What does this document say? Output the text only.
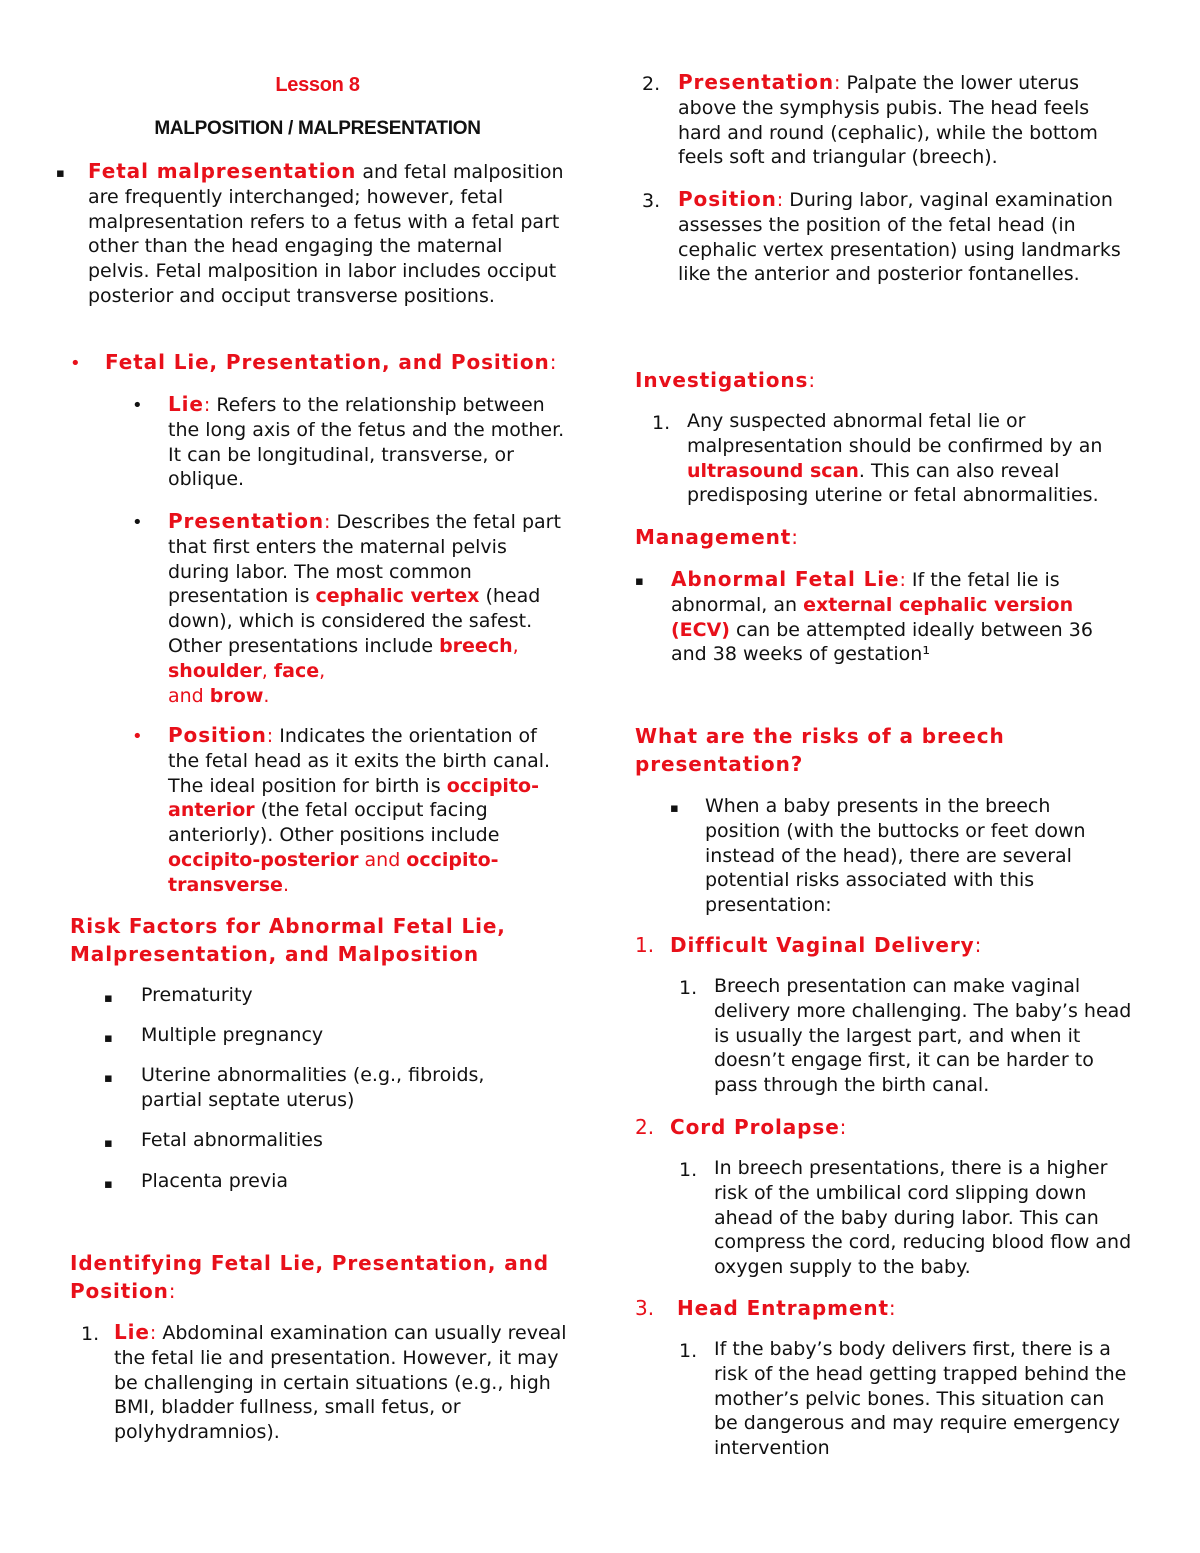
Lesson 8
MALPOSITION / MALPRESENTATION
▪ Fetal malpresentation and fetal malposition are frequently interchanged; however, fetal malpresentation refers to a fetus with a fetal part other than the head engaging the maternal pelvis. Fetal malposition in labor includes occiput posterior and occiput transverse positions.
• Fetal Lie, Presentation, and Position:
• Lie: Refers to the relationship between the long axis of the fetus and the mother. It can be longitudinal, transverse, or oblique.
• Presentation: Describes the fetal part that first enters the maternal pelvis during labor. The most common presentation is cephalic vertex (head down), which is considered the safest. Other presentations include breech, shoulder, face,
and brow.
• Position: Indicates the orientation of the fetal head as it exits the birth canal. The ideal position for birth is occipito-anterior (the fetal occiput facing anteriorly). Other positions include occipito-posterior and occipito-transverse.
Risk Factors for Abnormal Fetal Lie, Malpresentation, and Malposition
▪ Prematurity
▪ Multiple pregnancy
▪ Uterine abnormalities (e.g., fibroids, partial septate uterus)
▪ Fetal abnormalities
▪ Placenta previa
Identifying Fetal Lie, Presentation, and Position:
1. Lie: Abdominal examination can usually reveal the fetal lie and presentation. However, it may be challenging in certain situations (e.g., high BMI, bladder fullness, small fetus, or polyhydramnios).
2. Presentation: Palpate the lower uterus above the symphysis pubis. The head feels hard and round (cephalic), while the bottom feels soft and triangular (breech).
3. Position: During labor, vaginal examination assesses the position of the fetal head (in cephalic vertex presentation) using landmarks like the anterior and posterior fontanelles.
Investigations:
1. Any suspected abnormal fetal lie or malpresentation should be confirmed by an ultrasound scan. This can also reveal predisposing uterine or fetal abnormalities.
Management:
▪ Abnormal Fetal Lie: If the fetal lie is abnormal, an external cephalic version (ECV) can be attempted ideally between 36 and 38 weeks of gestation¹
What are the risks of a breech presentation?
▪ When a baby presents in the breech position (with the buttocks or feet down instead of the head), there are several potential risks associated with this presentation:
1. Difficult Vaginal Delivery:
1. Breech presentation can make vaginal delivery more challenging. The baby’s head is usually the largest part, and when it doesn’t engage first, it can be harder to pass through the birth canal.
2. Cord Prolapse:
1. In breech presentations, there is a higher risk of the umbilical cord slipping down ahead of the baby during labor. This can compress the cord, reducing blood flow and oxygen supply to the baby.
3. Head Entrapment:
1. If the baby’s body delivers first, there is a risk of the head getting trapped behind the mother’s pelvic bones. This situation can be dangerous and may require emergency intervention
